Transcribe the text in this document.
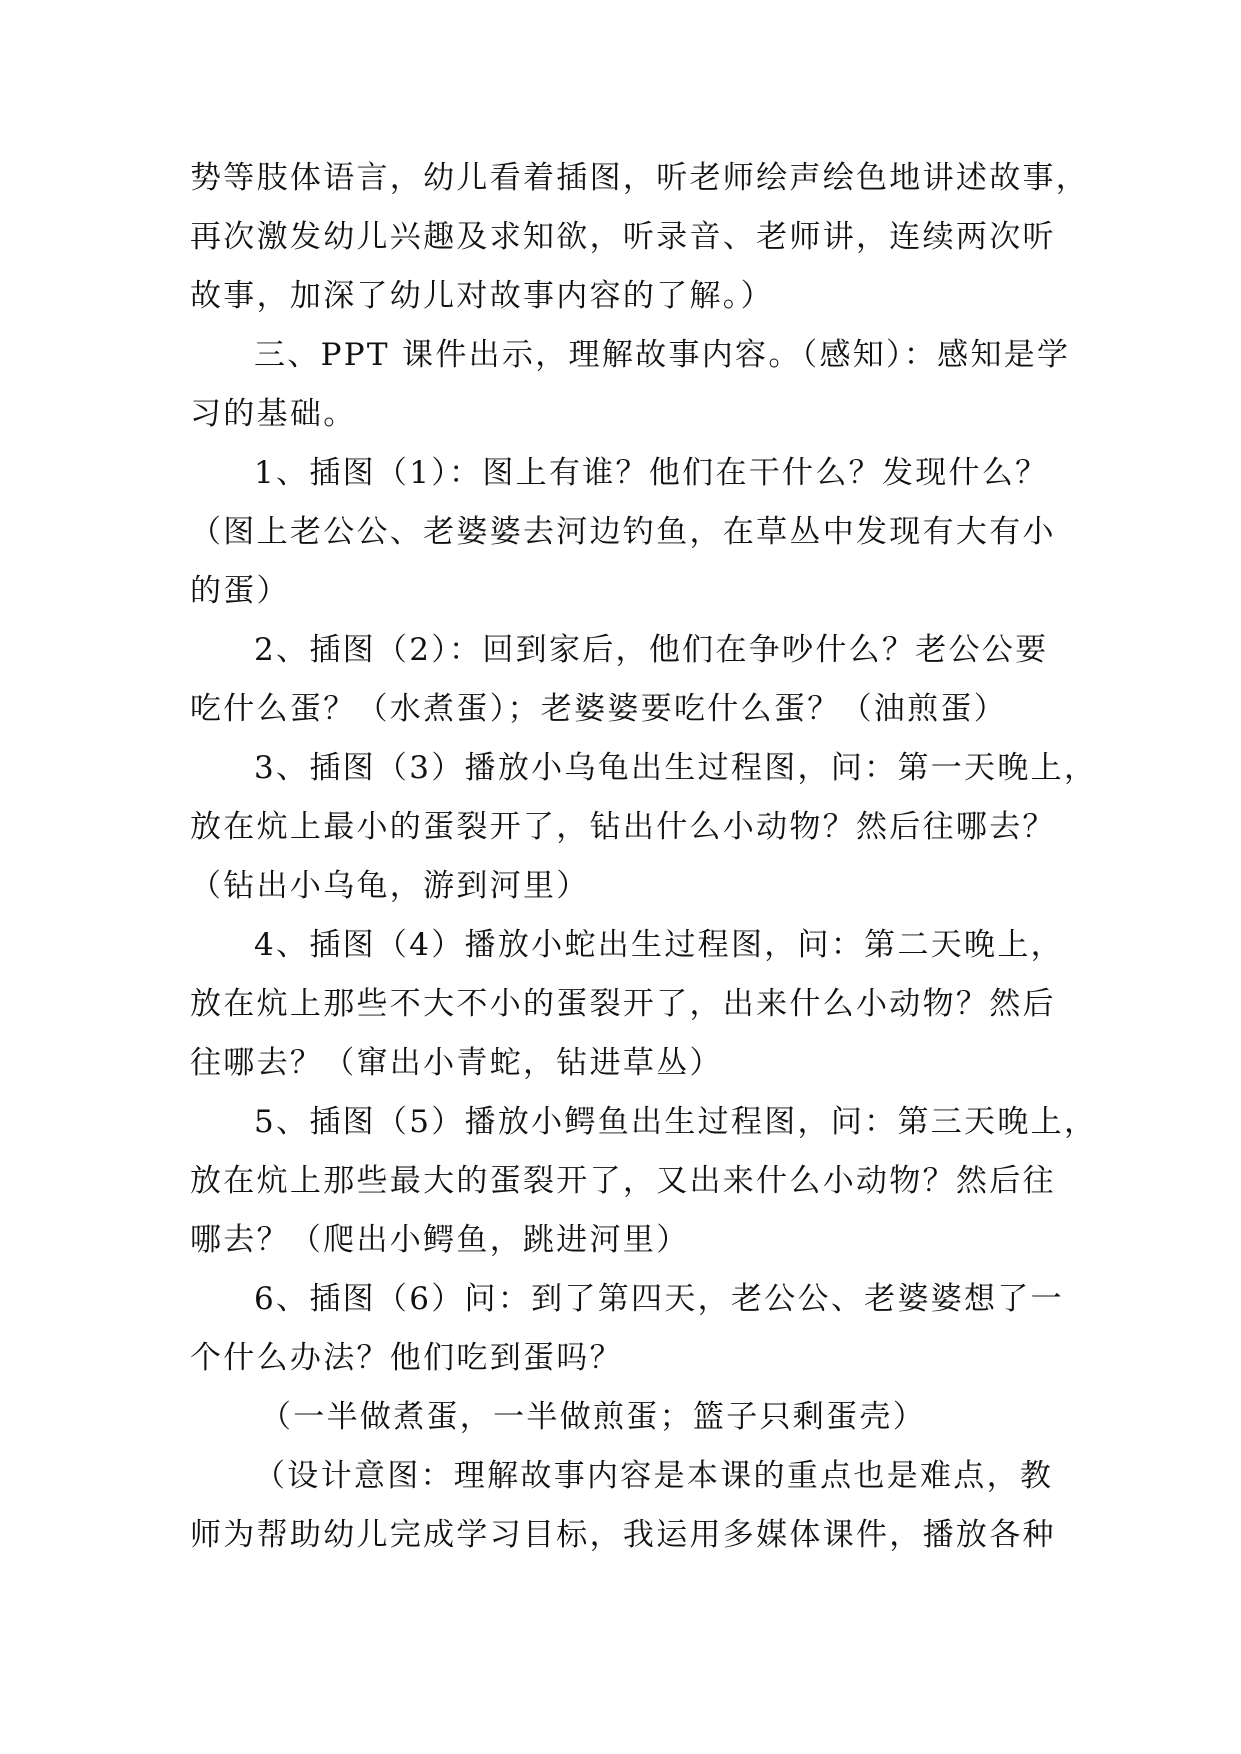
势等肢体语言，幼儿看着插图，听老师绘声绘色地讲述故事，
再次激发幼儿兴趣及求知欲，听录音、老师讲，连续两次听
故事，加深了幼儿对故事内容的了解。）
三、PPT 课件出示，理解故事内容。（感知）：感知是学
习的基础。
1、插图（1）：图上有谁？他们在干什么？发现什么？
（图上老公公、老婆婆去河边钓鱼，在草丛中发现有大有小
的蛋）
2、插图（2）：回到家后，他们在争吵什么？老公公要
吃什么蛋？（水煮蛋）；老婆婆要吃什么蛋？（油煎蛋）
3、插图（3）播放小乌龟出生过程图，问：第一天晚上，
放在炕上最小的蛋裂开了，钻出什么小动物？然后往哪去？
（钻出小乌龟，游到河里）
4、插图（4）播放小蛇出生过程图，问：第二天晚上，
放在炕上那些不大不小的蛋裂开了，出来什么小动物？然后
往哪去？（窜出小青蛇，钻进草丛）
5、插图（5）播放小鳄鱼出生过程图，问：第三天晚上，
放在炕上那些最大的蛋裂开了，又出来什么小动物？然后往
哪去？（爬出小鳄鱼，跳进河里）
6、插图（6）问：到了第四天，老公公、老婆婆想了一
个什么办法？他们吃到蛋吗？
（一半做煮蛋，一半做煎蛋；篮子只剩蛋壳）
（设计意图：理解故事内容是本课的重点也是难点，教
师为帮助幼儿完成学习目标，我运用多媒体课件，播放各种
